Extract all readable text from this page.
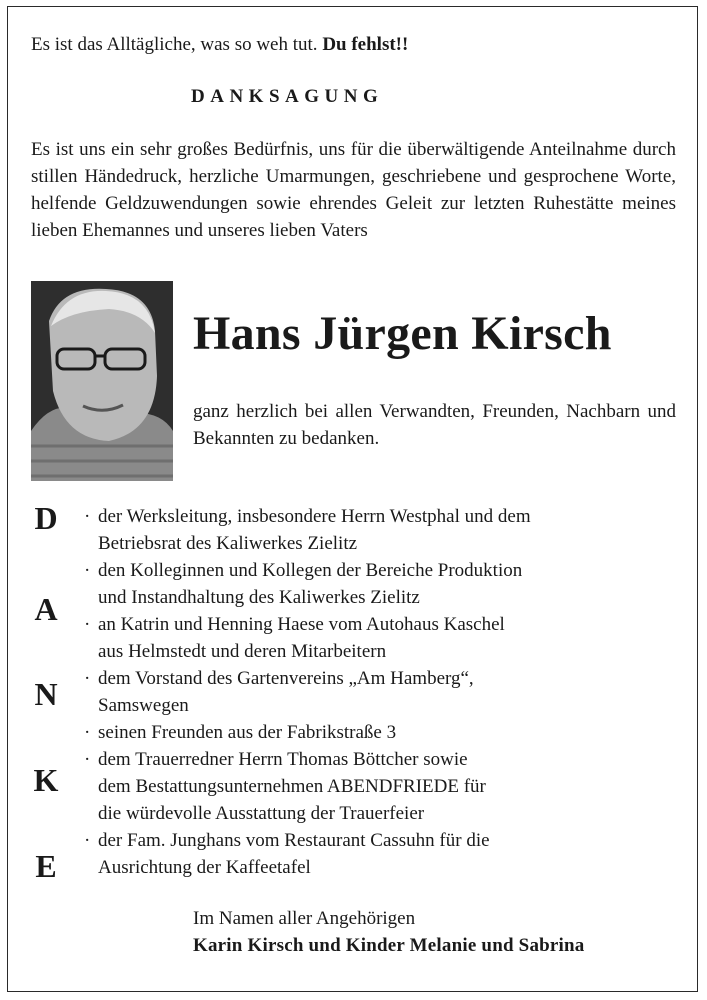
Es ist das Alltägliche, was so weh tut. Du fehlst!!
DANKSAGUNG
Es ist uns ein sehr großes Bedürfnis, uns für die überwältigende Anteilnahme durch stillen Händedruck, herzliche Umarmungen, geschriebene und gesprochene Worte, helfende Geldzuwendungen sowie ehrendes Geleit zur letzten Ruhestätte meines lieben Ehemannes und unseres lieben Vaters
Hans Jürgen Kirsch
ganz herzlich bei allen Verwandten, Freunden, Nachbarn und Bekannten zu bedanken.
D
A
N
K
E
· der Werksleitung, insbesondere Herrn Westphal und dem
Betriebsrat des Kaliwerkes Zielitz
· den Kolleginnen und Kollegen der Bereiche Produktion
und Instandhaltung des Kaliwerkes Zielitz
· an Katrin und Henning Haese vom Autohaus Kaschel
aus Helmstedt und deren Mitarbeitern
· dem Vorstand des Gartenvereins „Am Hamberg“,
Samswegen
· seinen Freunden aus der Fabrikstraße 3
· dem Trauerredner Herrn Thomas Böttcher sowie
dem Bestattungsunternehmen ABENDFRIEDE für
die würdevolle Ausstattung der Trauerfeier
· der Fam. Junghans vom Restaurant Cassuhn für die
Ausrichtung der Kaffeetafel
Im Namen aller Angehörigen
Karin Kirsch und Kinder Melanie und Sabrina
